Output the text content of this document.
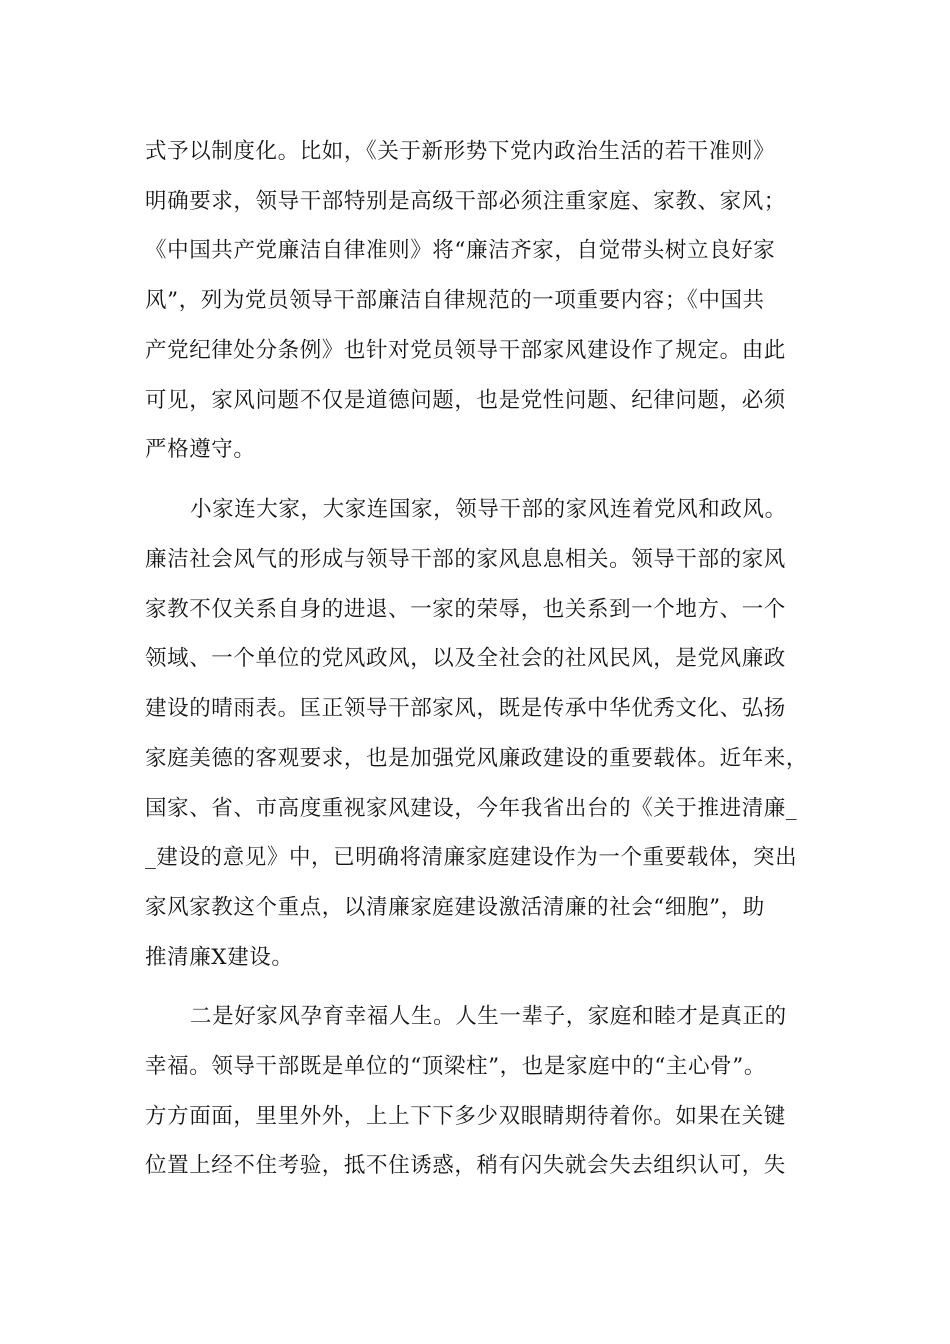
式予以制度化。比如，《关于新形势下党内政治生活的若干准则》
明确要求，领导干部特别是高级干部必须注重家庭、家教、家风；
《中国共产党廉洁自律准则》将“廉洁齐家，自觉带头树立良好家
风”，列为党员领导干部廉洁自律规范的一项重要内容；《中国共
产党纪律处分条例》也针对党员领导干部家风建设作了规定。由此
可见，家风问题不仅是道德问题，也是党性问题、纪律问题，必须
严格遵守。
小家连大家，大家连国家，领导干部的家风连着党风和政风。
廉洁社会风气的形成与领导干部的家风息息相关。领导干部的家风
家教不仅关系自身的进退、一家的荣辱，也关系到一个地方、一个
领域、一个单位的党风政风，以及全社会的社风民风，是党风廉政
建设的晴雨表。匡正领导干部家风，既是传承中华优秀文化、弘扬
家庭美德的客观要求，也是加强党风廉政建设的重要载体。近年来，
国家、省、市高度重视家风建设，今年我省出台的《关于推进清廉_
_建设的意见》中，已明确将清廉家庭建设作为一个重要载体，突出
家风家教这个重点，以清廉家庭建设激活清廉的社会“细胞”，助
推清廉X建设。
二是好家风孕育幸福人生。人生一辈子，家庭和睦才是真正的
幸福。领导干部既是单位的“顶梁柱”，也是家庭中的“主心骨”。
方方面面，里里外外，上上下下多少双眼睛期待着你。如果在关键
位置上经不住考验，抵不住诱惑，稍有闪失就会失去组织认可，失
